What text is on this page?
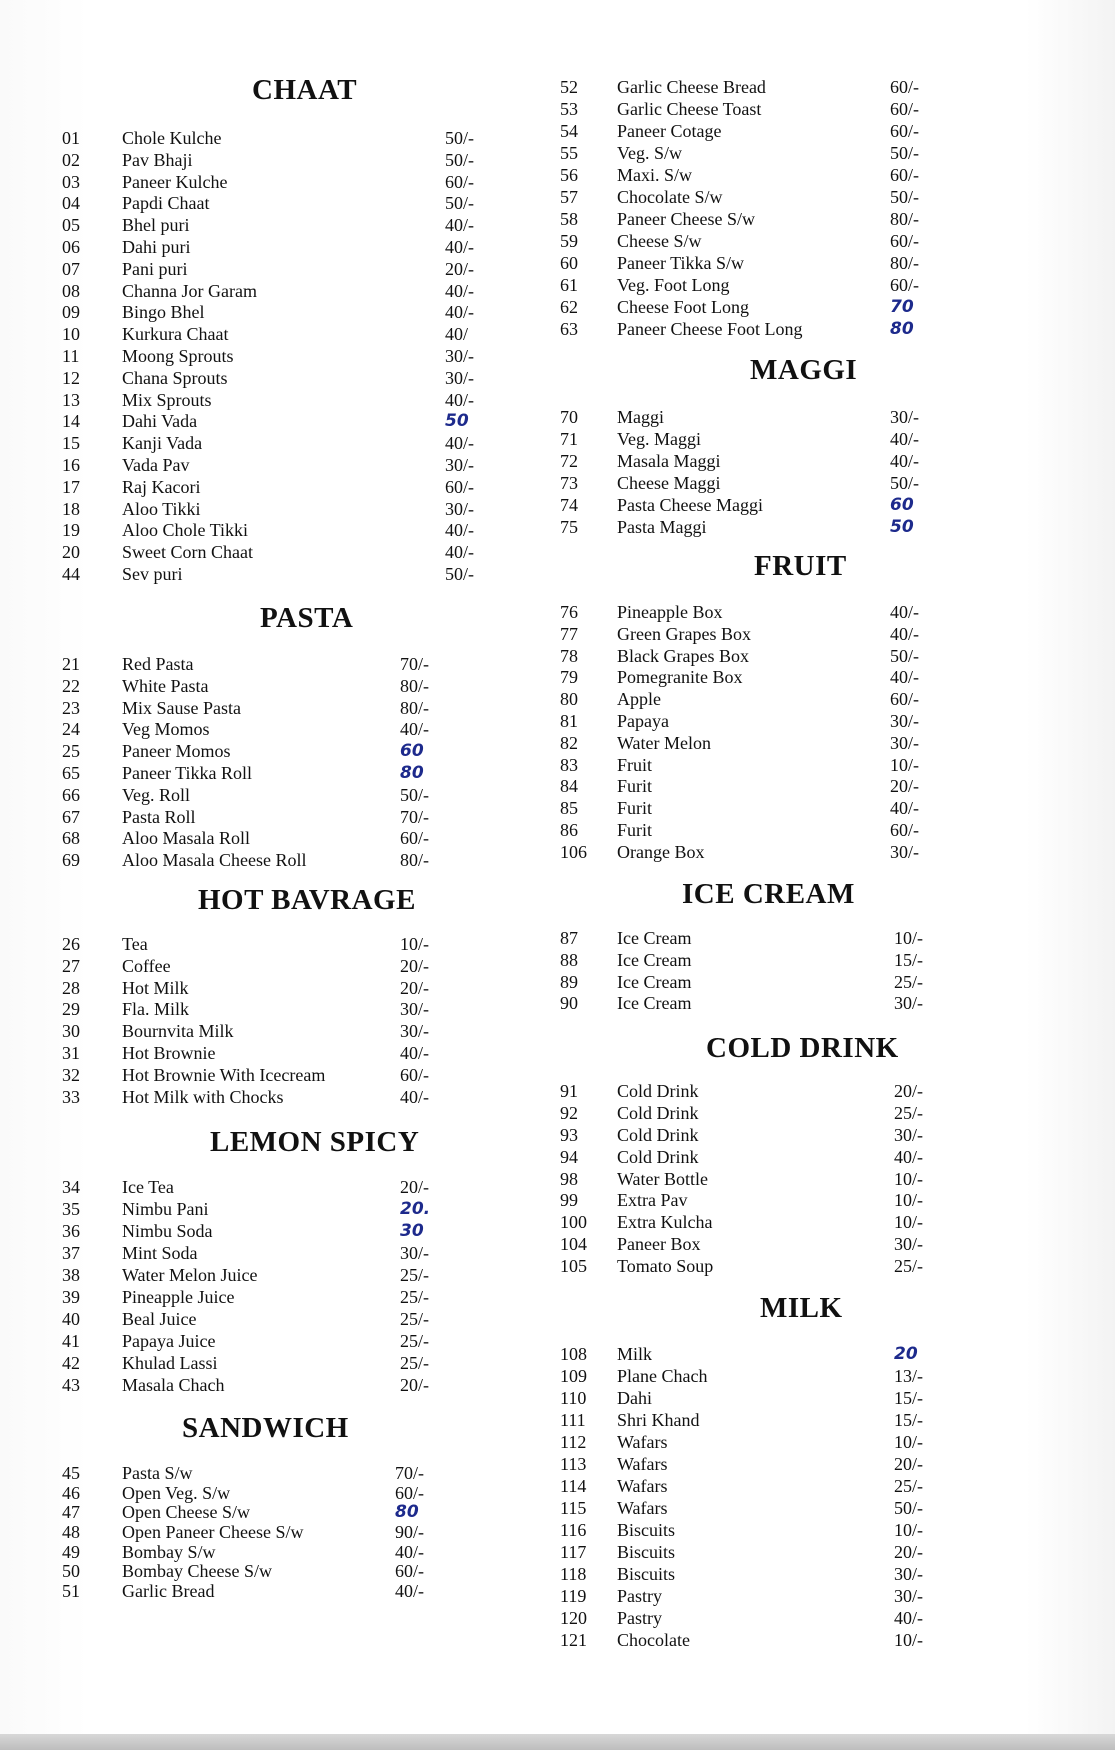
CHAAT
01 Chole Kulche	50/-
02 Pav Bhaji	50/-
03 Paneer Kulche	60/-
04 Papdi Chaat	50/-
05 Bhel puri	40/-
06 Dahi puri	40/-
07 Pani puri	20/-
08 Channa Jor Garam	40/-
09 Bingo Bhel	40/-
10 Kurkura Chaat	40/
11 Moong Sprouts	30/-
12 Chana Sprouts	30/-
13 Mix Sprouts	40/-
14 Dahi Vada	50
15 Kanji Vada	40/-
16 Vada Pav	30/-
17 Raj Kacori	60/-
18 Aloo Tikki	30/-
19 Aloo Chole Tikki	40/-
20 Sweet Corn Chaat	40/-
44 Sev puri	50/-
PASTA
21 Red Pasta	70/-
22 White Pasta	80/-
23 Mix Sause Pasta	80/-
24 Veg Momos	40/-
25 Paneer Momos	60
65 Paneer Tikka Roll	80
66 Veg. Roll	50/-
67 Pasta Roll	70/-
68 Aloo Masala Roll	60/-
69 Aloo Masala Cheese Roll	80/-
HOT BAVRAGE
26 Tea	10/-
27 Coffee	20/-
28 Hot Milk	20/-
29 Fla. Milk	30/-
30 Bournvita Milk	30/-
31 Hot Brownie	40/-
32 Hot Brownie With Icecream	60/-
33 Hot Milk with Chocks	40/-
LEMON SPICY
34 Ice Tea	20/-
35 Nimbu Pani	20.
36 Nimbu Soda	30
37 Mint Soda	30/-
38 Water Melon Juice	25/-
39 Pineapple Juice	25/-
40 Beal Juice	25/-
41 Papaya Juice	25/-
42 Khulad Lassi	25/-
43 Masala Chach	20/-
SANDWICH
45 Pasta S/w	70/-
46 Open Veg. S/w	60/-
47 Open Cheese S/w	80
48 Open Paneer Cheese S/w	90/-
49 Bombay S/w	40/-
50 Bombay Cheese S/w	60/-
51 Garlic Bread	40/-
52 Garlic Cheese Bread	60/-
53 Garlic Cheese Toast	60/-
54 Paneer Cotage	60/-
55 Veg. S/w	50/-
56 Maxi. S/w	60/-
57 Chocolate S/w	50/-
58 Paneer Cheese S/w	80/-
59 Cheese S/w	60/-
60 Paneer Tikka S/w	80/-
61 Veg. Foot Long	60/-
62 Cheese Foot Long	70
63 Paneer Cheese Foot Long	80
MAGGI
70 Maggi	30/-
71 Veg. Maggi	40/-
72 Masala Maggi	40/-
73 Cheese Maggi	50/-
74 Pasta Cheese Maggi	60
75 Pasta Maggi	50
FRUIT
76 Pineapple Box	40/-
77 Green Grapes Box	40/-
78 Black Grapes Box	50/-
79 Pomegranite Box	40/-
80 Apple	60/-
81 Papaya	30/-
82 Water Melon	30/-
83 Fruit	10/-
84 Furit	20/-
85 Furit	40/-
86 Furit	60/-
106 Orange Box	30/-
ICE CREAM
87 Ice Cream	10/-
88 Ice Cream	15/-
89 Ice Cream	25/-
90 Ice Cream	30/-
COLD DRINK
91 Cold Drink	20/-
92 Cold Drink	25/-
93 Cold Drink	30/-
94 Cold Drink	40/-
98 Water Bottle	10/-
99 Extra Pav	10/-
100 Extra Kulcha	10/-
104 Paneer Box	30/-
105 Tomato Soup	25/-
MILK
108 Milk	20
109 Plane Chach	13/-
110 Dahi	15/-
111 Shri Khand	15/-
112 Wafars	10/-
113 Wafars	20/-
114 Wafars	25/-
115 Wafars	50/-
116 Biscuits	10/-
117 Biscuits	20/-
118 Biscuits	30/-
119 Pastry	30/-
120 Pastry	40/-
121 Chocolate	10/-
